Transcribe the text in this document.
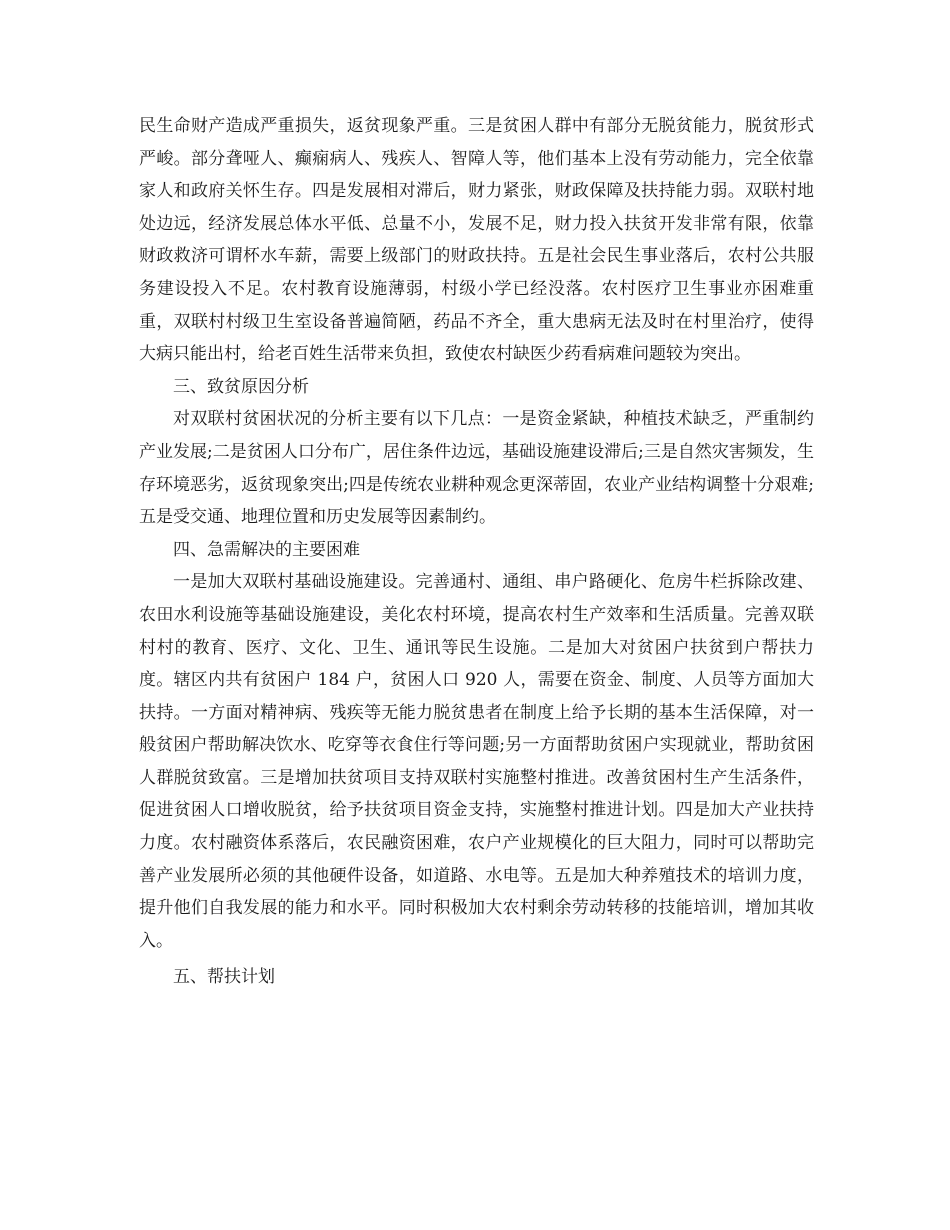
民生命财产造成严重损失，返贫现象严重。三是贫困人群中有部分无脱贫能力，脱贫形式严峻。部分聋哑人、癫痫病人、残疾人、智障人等，他们基本上没有劳动能力，完全依靠家人和政府关怀生存。四是发展相对滞后，财力紧张，财政保障及扶持能力弱。双联村地处边远，经济发展总体水平低、总量不小，发展不足，财力投入扶贫开发非常有限，依靠财政救济可谓杯水车薪，需要上级部门的财政扶持。五是社会民生事业落后，农村公共服务建设投入不足。农村教育设施薄弱，村级小学已经没落。农村医疗卫生事业亦困难重重，双联村村级卫生室设备普遍简陋，药品不齐全，重大患病无法及时在村里治疗，使得大病只能出村，给老百姓生活带来负担，致使农村缺医少药看病难问题较为突出。

三、致贫原因分析

对双联村贫困状况的分析主要有以下几点：一是资金紧缺，种植技术缺乏，严重制约产业发展;二是贫困人口分布广，居住条件边远，基础设施建设滞后;三是自然灾害频发，生存环境恶劣，返贫现象突出;四是传统农业耕种观念更深蒂固，农业产业结构调整十分艰难;五是受交通、地理位置和历史发展等因素制约。

四、急需解决的主要困难

一是加大双联村基础设施建设。完善通村、通组、串户路硬化、危房牛栏拆除改建、农田水利设施等基础设施建设，美化农村环境，提高农村生产效率和生活质量。完善双联村村的教育、医疗、文化、卫生、通讯等民生设施。二是加大对贫困户扶贫到户帮扶力度。辖区内共有贫困户 184 户，贫困人口 920 人，需要在资金、制度、人员等方面加大扶持。一方面对精神病、残疾等无能力脱贫患者在制度上给予长期的基本生活保障，对一般贫困户帮助解决饮水、吃穿等衣食住行等问题;另一方面帮助贫困户实现就业，帮助贫困人群脱贫致富。三是增加扶贫项目支持双联村实施整村推进。改善贫困村生产生活条件，促进贫困人口增收脱贫，给予扶贫项目资金支持，实施整村推进计划。四是加大产业扶持力度。农村融资体系落后，农民融资困难，农户产业规模化的巨大阻力，同时可以帮助完善产业发展所必须的其他硬件设备，如道路、水电等。五是加大种养殖技术的培训力度，提升他们自我发展的能力和水平。同时积极加大农村剩余劳动转移的技能培训，增加其收入。

五、帮扶计划
